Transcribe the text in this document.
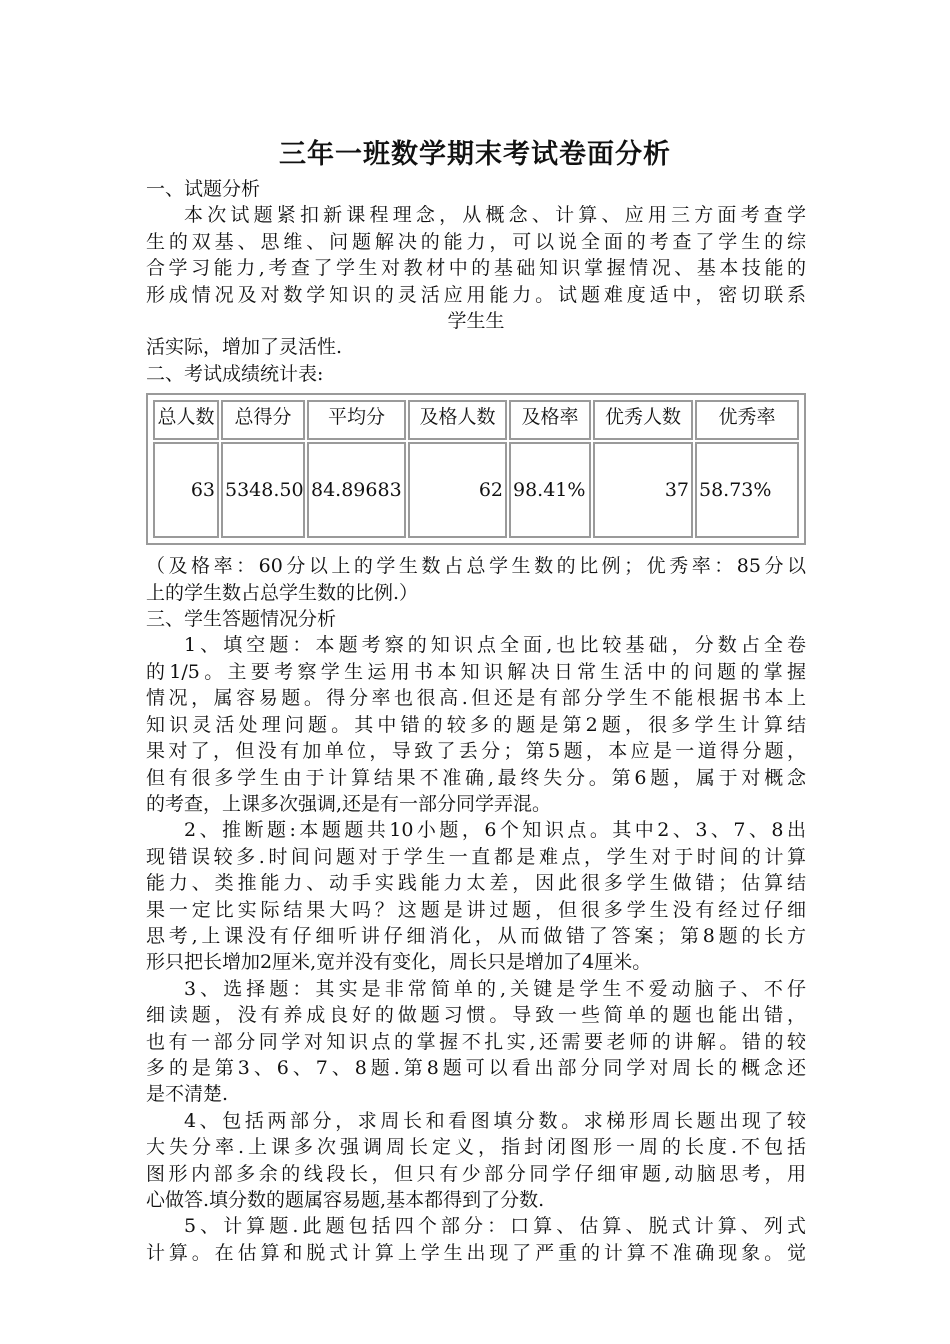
三年一班数学期末考试卷面分析

一、试题分析

本次试题紧扣新课程理念，从概念、计算、应用三方面考查学

生的双基、思维、问题解决的能力，可以说全面的考查了学生的综

合学习能力,考查了学生对教材中的基础知识掌握情况、基本技能的

形成情况及对数学知识的灵活应用能力。试题难度适中，密切联系

学生生

活实际，增加了灵活性.

二、考试成绩统计表:

总人数	总得分	平均分	及格人数	及格率	优秀人数	优秀率
63	5348.50	84.89683	62	98.41%	37	58.73%

（及格率：60分以上的学生数占总学生数的比例；优秀率：85分以

上的学生数占总学生数的比例.）

三、学生答题情况分析

1、填空题：本题考察的知识点全面,也比较基础，分数占全卷

的1/5。主要考察学生运用书本知识解决日常生活中的问题的掌握

情况，属容易题。得分率也很高.但还是有部分学生不能根据书本上

知识灵活处理问题。其中错的较多的题是第2题，很多学生计算结

果对了，但没有加单位，导致了丢分；第5题，本应是一道得分题，

但有很多学生由于计算结果不准确,最终失分。第6题，属于对概念

的考查，上课多次强调,还是有一部分同学弄混。

2、推断题:本题题共10小题，6个知识点。其中2、3、7、8出

现错误较多.时间问题对于学生一直都是难点，学生对于时间的计算

能力、类推能力、动手实践能力太差，因此很多学生做错；估算结

果一定比实际结果大吗？这题是讲过题，但很多学生没有经过仔细

思考,上课没有仔细听讲仔细消化，从而做错了答案；第8题的长方

形只把长增加2厘米,宽并没有变化，周长只是增加了4厘米。

3、选择题：其实是非常简单的,关键是学生不爱动脑子、不仔

细读题，没有养成良好的做题习惯。导致一些简单的题也能出错，

也有一部分同学对知识点的掌握不扎实,还需要老师的讲解。错的较

多的是第3、6、7、8题.第8题可以看出部分同学对周长的概念还

是不清楚.

4、包括两部分，求周长和看图填分数。求梯形周长题出现了较

大失分率.上课多次强调周长定义，指封闭图形一周的长度.不包括

图形内部多余的线段长，但只有少部分同学仔细审题,动脑思考，用

心做答.填分数的题属容易题,基本都得到了分数.

5、计算题.此题包括四个部分：口算、估算、脱式计算、列式

计算。在估算和脱式计算上学生出现了严重的计算不准确现象。觉
